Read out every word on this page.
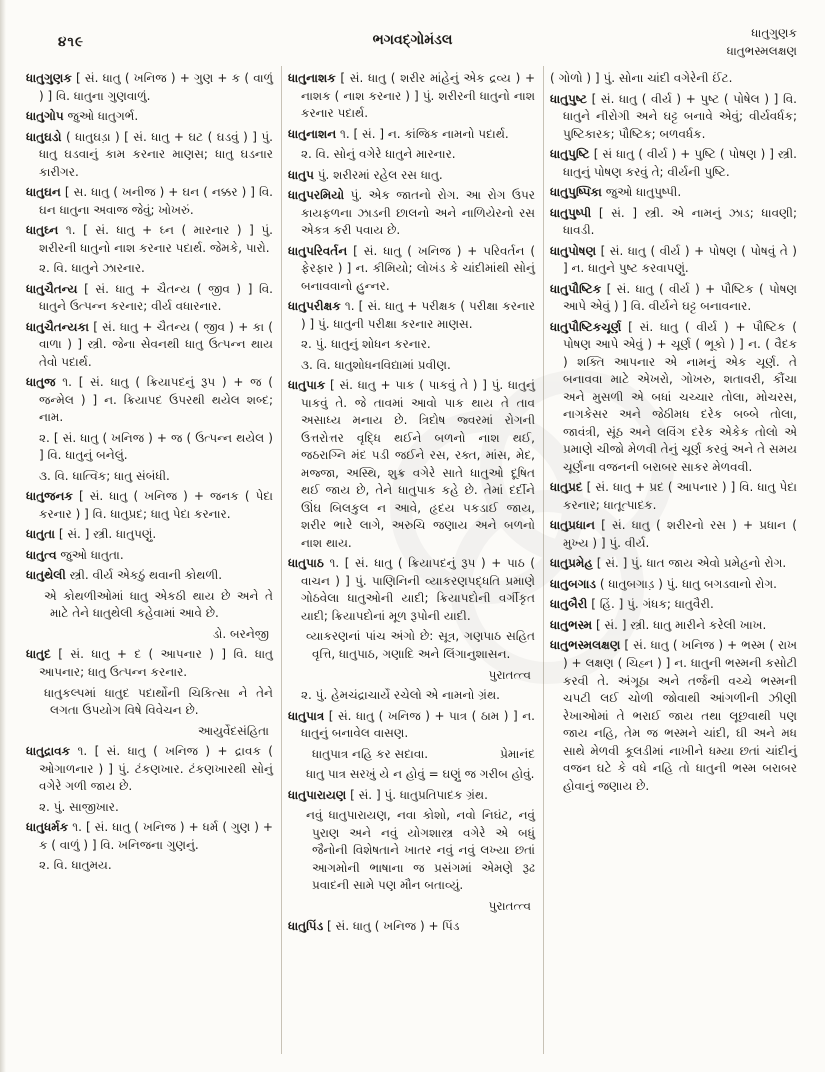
૪૧૯	ભગવદ્ગોમંડલ	ધાતુગુણક
ધાતુભસ્મલક્ષણ

ધાતુગુણક [ સં. ધાતુ ( ખનિજ ) + ગુણ + ક ( વાળું ) ] વિ. ધાતુના ગુણવાળું.

ધાતુગોપ જુઓ ધાતુગર્ભ.

ધાતુઘડો ( ધાતુઘડ઼ા ) [ સં. ધાતુ + ઘટ ( ઘડવું ) ] પું. ધાતુ ઘડવાનું કામ કરનાર માણસ; ધાતુ ઘડનાર કારીગર.

ધાતુઘન [ સ. ધાતુ ( ખનીજ ) + ઘન ( નક્કર ) ] વિ. ઘન ધાતુના અવાજ જેવું; ખોખરું.

ધાતુઘ્ન ૧. [ સં. ધાતુ + ઘ્ન ( મારનાર ) ] પું. શરીરની ધાતુનો નાશ કરનાર પદાર્થ. જેમકે, પારો.

૨. વિ. ધાતુને ઝારનાર.

ધાતુચૈતન્ય [ સં. ધાતુ + ચૈતન્ય ( જીવ ) ] વિ. ધાતુને ઉત્પન્ન કરનાર; વીર્ય વધારનાર.

ધાતુચૈતન્યકા [ સં. ધાતુ + ચૈતન્ય ( જીવ ) + કા ( વાળા ) ] સ્ત્રી. જેના સેવનથી ધાતુ ઉત્પન્ન થાય તેવો પદાર્થ.

ધાતુજ ૧. [ સં. ધાતુ ( ક્રિયાપદનું રૂપ ) + જ ( જન્મેલ ) ] ન. ક્રિયાપદ ઉપરથી થયેલ શબ્દ; નામ.

૨. [ સં. ધાતુ ( ખનિજ ) + જ ( ઉત્પન્ન થયેલ ) ] વિ. ધાતુનું બનેલું.

૩. વિ. ધાત્વિક; ધાતુ સંબંધી.

ધાતુજનક [ સં. ધાતુ ( ખનિજ ) + જનક ( પેદા કરનાર ) ] વિ. ધાતુપ્રદ; ધાતુ પેદા કરનાર.

ધાતુતા [ સં. ] સ્ત્રી. ધાતુપણું.

ધાતુત્વ જુઓ ધાતુતા.

ધાતુથેલી સ્ત્રી. વીર્ય એકઠું થવાની કોથળી.

એ કોથળીઓમાં ધાતુ એકઠી થાય છે અને તે માટે તેને ધાતુથેલી કહેવામાં આવે છે.

ડો. બરનેજી

ધાતુદ [ સં. ધાતુ + દ ( આપનાર ) ] વિ. ધાતુ આપનાર; ધાતુ ઉત્પન્ન કરનાર.

ધાતુકલ્પમાં ધાતુદ પદાર્થોની ચિકિત્સા ને તેને લગતા ઉપયોગ વિષે વિવેચન છે.

આયુર્વેદસંહિતા

ધાતુદ્રાવક ૧. [ સં. ધાતુ ( ખનિજ ) + દ્રાવક ( ઓગાળનાર ) ] પું. ટંકણખાર. ટંકણખારથી સોનું વગેરે ગળી જાય છે.

૨. પું. સાજીખાર.

ધાતુધર્મક ૧. [ સં. ધાતુ ( ખનિજ ) + ધર્મ ( ગુણ ) + ક ( વાળું ) ] વિ. ખનિજના ગુણનું.

૨. વિ. ધાતુમય.

ધાતુનાશક [ સં. ધાતુ ( શરીર માંહેનું એક દ્રવ્ય ) + નાશક ( નાશ કરનાર ) ] પું. શરીરની ધાતુનો નાશ કરનાર પદાર્થ.

ધાતુનાશન ૧. [ સં. ] ન. કાંજિક નામનો પદાર્થ.

૨. વિ. સોનું વગેરે ધાતુને મારનાર.

ધાતુપ પું. શરીરમાં રહેલ રસ ધાતુ.

ધાતુપરમિયો પું. એક જાતનો રોગ. આ રોગ ઉપર કાયફળના ઝાડની છાલનો અને નાળિયેરનો રસ એકત્ર કરી પવાય છે.

ધાતુપરિવર્તન [ સં. ધાતુ ( ખનિજ ) + પરિવર્તન ( ફેરફાર ) ] ન. કીમિયો; લોખંડ કે ચાંદીમાંથી સોનું બનાવવાનો હુન્નર.

ધાતુપરીક્ષક ૧. [ સં. ધાતુ + પરીક્ષક ( પરીક્ષા કરનાર ) ] પું. ધાતુની પરીક્ષા કરનાર માણસ.

૨. પું. ધાતુનું શોધન કરનાર.

૩. વિ. ધાતુશોધનવિદ્યામાં પ્રવીણ.

ધાતુપાક [ સં. ધાતુ + પાક ( પાકવું તે ) ] પું. ધાતુનું પાકવું તે. જે તાવમાં આવો પાક થાય તે તાવ અસાધ્ય મનાય છે. ત્રિદોષ જ્વરમાં રોગની ઉત્તરોત્તર વૃદ્ધિ થઈને બળનો નાશ થઈ, જઠરાગ્નિ મંદ પડી જઈને રસ, રક્ત, માંસ, મેદ, મજ્જા, અસ્થિ, શુક્ર વગેરે સાતે ધાતુઓ દૂષિત થઈ જાય છે, તેને ધાતુપાક કહે છે. તેમાં દર્દીને ઊંઘ બિલકુલ ન આવે, હૃદય પકડાઈ જાય, શરીર ભારે લાગે, અરુચિ જણાય અને બળનો નાશ થાય.

ધાતુપાઠ ૧. [ સં. ધાતુ ( ક્રિયાપદનું રૂપ ) + પાઠ ( વાચન ) ] પું. પાણિનિની વ્યાકરણપદ્ધતિ પ્રમાણે ગોઠવેલા ધાતુઓની યાદી; ક્રિયાપદોની વર્ગીકૃત યાદી; ક્રિયાપદોનાં મૂળ રૂપોની યાદી.

વ્યાકરણનાં પાંચ અંગો છે: સૂત્ર, ગણપાઠ સહિત વૃત્તિ, ધાતુપાઠ, ગણાદિ અને લિંગાનુશાસન.

પુરાતત્ત્વ

૨. પું. હેમચંદ્રાચાર્યે રચેલો એ નામનો ગ્રંથ.

ધાતુપાત્ર [ સં. ધાતુ ( ખનિજ ) + પાત્ર ( ઠામ ) ] ન. ધાતુનું બનાવેલ વાસણ.

ધાતુપાત્ર નહિ કર સદાવા.	પ્રેમાનંદ

ધાતુ પાત્ર સરખું યે ન હોવું = ઘણું જ ગરીબ હોવું.

ધાતુપારાયણ [ સં. ] પું. ધાતુપ્રતિપાદક ગ્રંથ.

નવું ધાતુપારાયણ, નવા કોશો, નવો નિઘંટ, નવું પુરાણ અને નવું યોગશાસ્ત્ર વગેરે એ બધું જૈનોની વિશેષતાને ખાતર નવું નવું લખ્યા છતાં આગમોની ભાષાના જ પ્રસંગમાં એમણે રૂઢ પ્રવાદની સામે પણ મૌન બતાવ્યું.

પુરાતત્ત્વ

ધાતુપિંડ [ સં. ધાતુ ( ખનિજ ) + પિંડ

( ગોળો ) ] પું. સોના ચાંદી વગેરેની ઈંટ.

ધાતુપુષ્ટ [ સં. ધાતુ ( વીર્ય ) + પુષ્ટ ( પોષેલ ) ] વિ. ધાતુને નીરોગી અને ઘટ્ટ બનાવે એવું; વીર્યવર્ધક; પુષ્ટિકારક; પૌષ્ટિક; બળવર્ધક.

ધાતુપુષ્ટિ [ સં ધાતુ ( વીર્ય ) + પુષ્ટિ ( પોષણ ) ] સ્ત્રી. ધાતુનું પોષણ કરવું તે; વીર્યની પુષ્ટિ.

ધાતુપુષ્પિકા જુઓ ધાતુપુષ્પી.

ધાતુપુષ્પી [ સં. ] સ્ત્રી. એ નામનું ઝાડ; ધાવણી; ધાવડી.

ધાતુપોષણ [ સં. ધાતુ ( વીર્ય ) + પોષણ ( પોષવું તે ) ] ન. ધાતુને પુષ્ટ કરવાપણું.

ધાતુપૌષ્ટિક [ સં. ધાતુ ( વીર્ય ) + પૌષ્ટિક ( પોષણ આપે એવું ) ] વિ. વીર્યને ઘટ્ટ બનાવનાર.

ધાતુપૌષ્ટિકચૂર્ણ [ સં. ધાતુ ( વીર્ય ) + પૌષ્ટિક ( પોષણ આપે એવું ) + ચૂર્ણ ( ભૂકો ) ] ન. ( વૈદક ) શક્તિ આપનાર એ નામનું એક ચૂર્ણ. તે બનાવવા માટે એખરો, ગોખરુ, શતાવરી, કૌંચા અને મુસળી એ બધાં ચચ્ચાર તોલા, મોચરસ, નાગકેસર અને જેઠીમધ દરેક બબ્બે તોલા, જાવંત્રી, સૂંઠ અને લવિંગ દરેક એકેક તોલો એ પ્રમાણે ચીજો મેળવી તેનું ચૂર્ણ કરવું અને તે સમય ચૂર્ણના વજનની બરાબર સાકર મેળવવી.

ધાતુપ્રદ [ સં. ધાતુ + પ્રદ ( આપનાર ) ] વિ. ધાતુ પેદા કરનાર; ધાતૂત્પાદક.

ધાતુપ્રધાન [ સં. ધાતુ ( શરીરનો રસ ) + પ્રધાન ( મુખ્ય ) ] પું. વીર્ય.

ધાતુપ્રમેહ [ સં. ] પું. ધાત જાય એવો પ્રમેહનો રોગ.

ધાતુબગાડ ( ધાતુબગાડ઼ ) પું. ધાતુ બગડવાનો રોગ.

ધાતુબૈરી [ હિં. ] પું. ગંધક; ધાતુવૈરી.

ધાતુભસ્મ [ સં. ] સ્ત્રી. ધાતુ મારીને કરેલી ખાખ.

ધાતુભસ્મલક્ષણ [ સં. ધાતુ ( ખનિજ ) + ભસ્મ ( રાખ ) + લક્ષણ ( ચિહ્ન ) ] ન. ધાતુની ભસ્મની કસોટી કરવી તે. અંગૂઠા અને તર્જની વચ્ચે ભસ્મની ચપટી લઈ ચોળી જોવાથી આંગળીની ઝીણી રેખાઓમાં તે ભરાઈ જાય તથા લૂછવાથી પણ જાય નહિ, તેમ જ ભસ્મને ચાંદી, ઘી અને મધ સાથે મેળવી કૂલડીમાં નાખીને ધમ્યા છતાં ચાંદીનું વજન ઘટે કે વધે નહિ તો ધાતુની ભસ્મ બરાબર હોવાનું જણાય છે.
